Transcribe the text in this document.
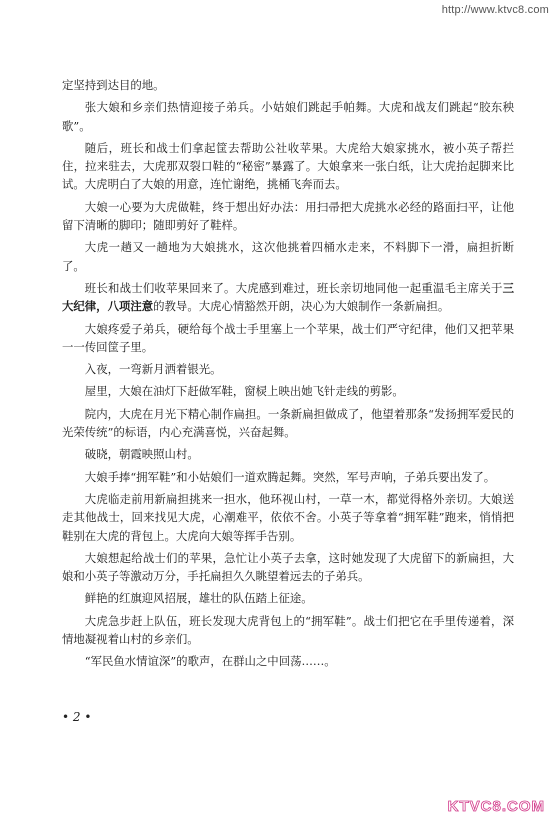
http://www.ktvc8.com

定坚持到达目的地。

张大娘和乡亲们热情迎接子弟兵。小姑娘们跳起手帕舞。大虎和战友们跳起“胶东秧歌”。

随后，班长和战士们拿起筐去帮助公社收苹果。大虎给大娘家挑水，被小英子帮拦住，拉来驻去，大虎那双裂口鞋的“秘密”暴露了。大娘拿来一张白纸，让大虎抬起脚来比试。大虎明白了大娘的用意，连忙谢绝，挑桶飞奔而去。

大娘一心要为大虎做鞋，终于想出好办法：用扫帚把大虎挑水必经的路面扫平，让他留下清晰的脚印；随即剪好了鞋样。

大虎一趟又一趟地为大娘挑水，这次他挑着四桶水走来，不料脚下一滑，扁担折断了。

班长和战士们收苹果回来了。大虎感到难过，班长亲切地同他一起重温毛主席关于三大纪律，八项注意的教导。大虎心情豁然开朗，决心为大娘制作一条新扁担。

大娘疼爱子弟兵，硬给每个战士手里塞上一个苹果，战士们严守纪律，他们又把苹果一一传回筐子里。

入夜，一弯新月洒着银光。

屋里，大娘在油灯下赶做军鞋，窗棂上映出她飞针走线的剪影。

院内，大虎在月光下精心制作扁担。一条新扁担做成了，他望着那条“发扬拥军爱民的光荣传统”的标语，内心充满喜悦，兴奋起舞。

破晓，朝霞映照山村。

大娘手捧“拥军鞋”和小姑娘们一道欢腾起舞。突然，军号声响，子弟兵要出发了。

大虎临走前用新扁担挑来一担水，他环视山村，一草一木，都觉得格外亲切。大娘送走其他战士，回来找见大虎，心潮难平，依依不舍。小英子等拿着“拥军鞋”跑来，悄悄把鞋别在大虎的背包上。大虎向大娘等挥手告别。

大娘想起给战士们的苹果，急忙让小英子去拿，这时她发现了大虎留下的新扁担，大娘和小英子等激动万分，手托扁担久久眺望着远去的子弟兵。

鲜艳的红旗迎风招展，雄壮的队伍踏上征途。

大虎急步赶上队伍，班长发现大虎背包上的“拥军鞋”。战士们把它在手里传递着，深情地凝视着山村的乡亲们。

“军民鱼水情谊深”的歌声，在群山之中回荡……。

• 2 •
KTVC8.COM
